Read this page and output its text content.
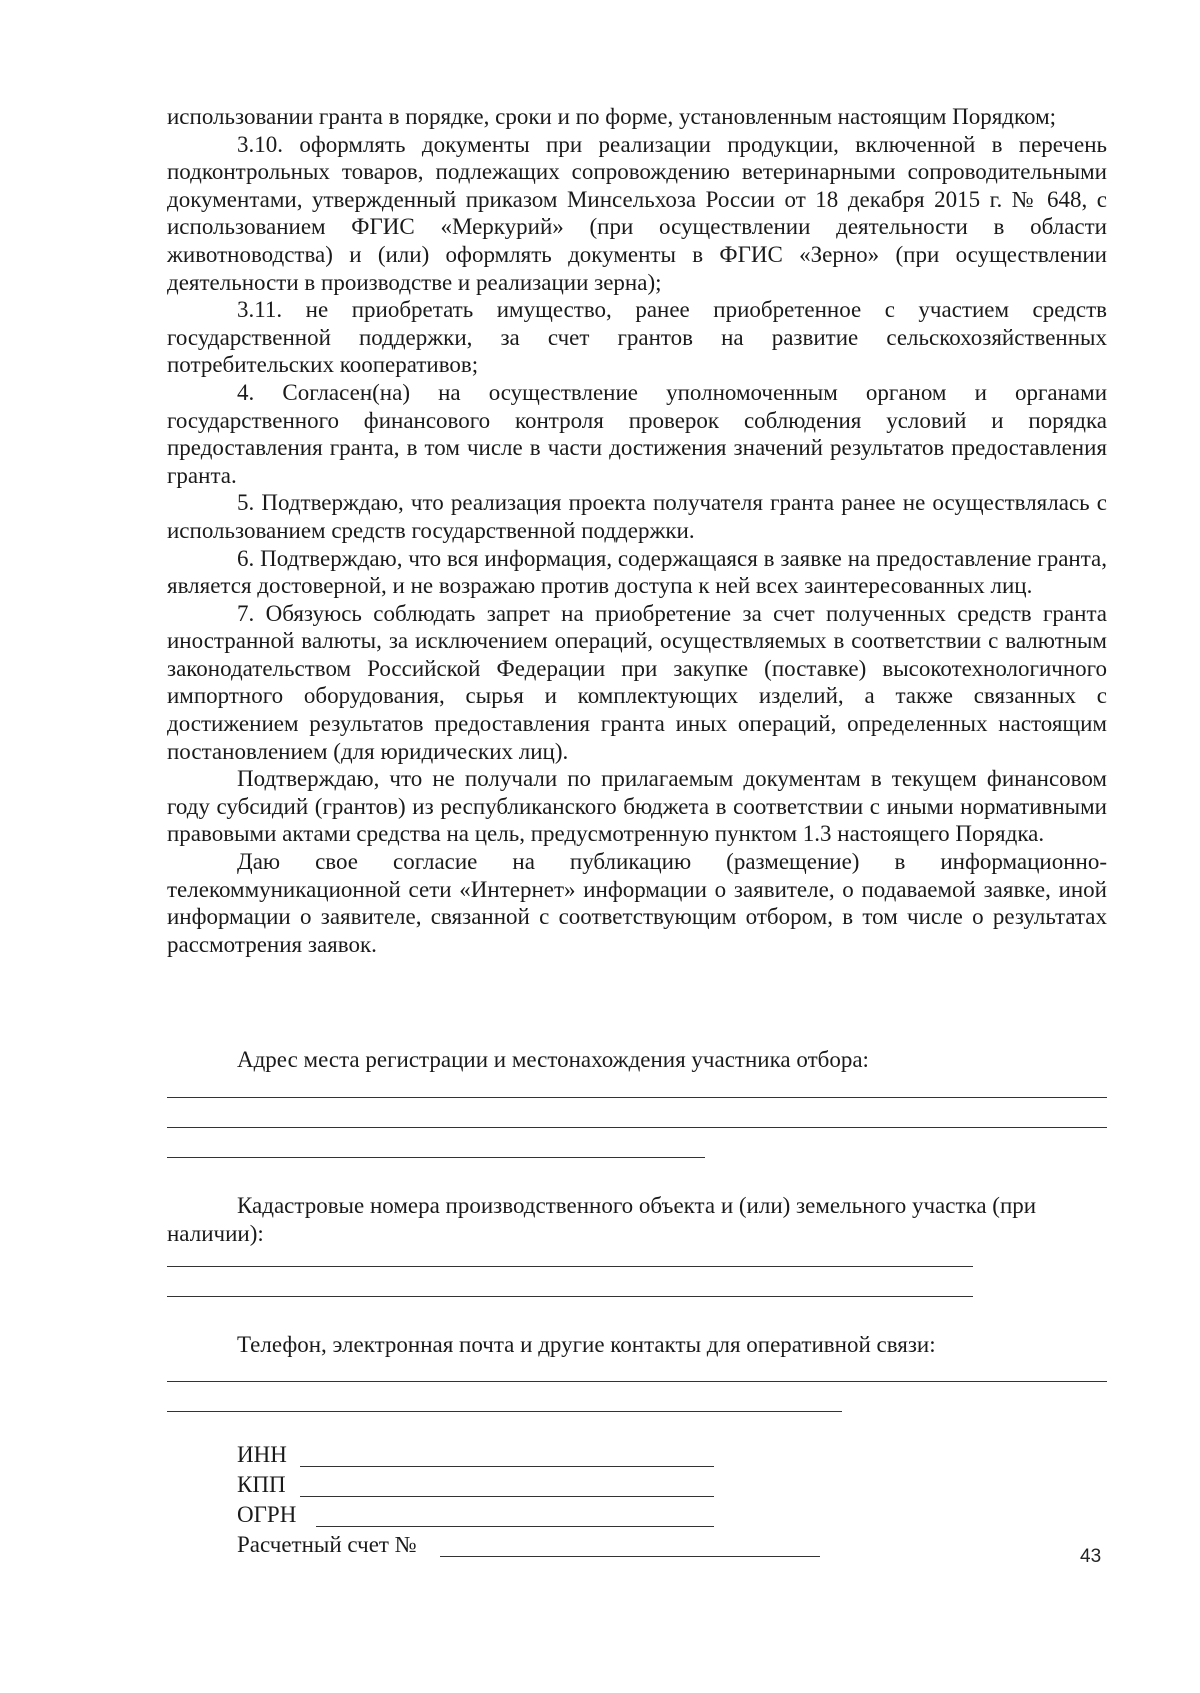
использовании гранта в порядке, сроки и по форме, установленным настоящим Порядком;

3.10. оформлять документы при реализации продукции, включенной в перечень подконтрольных товаров, подлежащих сопровождению ветеринарными сопроводительными документами, утвержденный приказом Минсельхоза России от 18 декабря 2015 г. № 648, с использованием ФГИС «Меркурий» (при осуществлении деятельности в области животноводства) и (или) оформлять документы в ФГИС «Зерно» (при осуществлении деятельности в производстве и реализации зерна);

3.11. не приобретать имущество, ранее приобретенное с участием средств государственной поддержки, за счет грантов на развитие сельскохозяйственных потребительских кооперативов;

4. Согласен(на) на осуществление уполномоченным органом и органами государственного финансового контроля проверок соблюдения условий и порядка предоставления гранта, в том числе в части достижения значений результатов предоставления гранта.

5. Подтверждаю, что реализация проекта получателя гранта ранее не осуществлялась с использованием средств государственной поддержки.

6. Подтверждаю, что вся информация, содержащаяся в заявке на предоставление гранта, является достоверной, и не возражаю против доступа к ней всех заинтересованных лиц.

7. Обязуюсь соблюдать запрет на приобретение за счет полученных средств гранта иностранной валюты, за исключением операций, осуществляемых в соответствии с валютным законодательством Российской Федерации при закупке (поставке) высокотехнологичного импортного оборудования, сырья и комплектующих изделий, а также связанных с достижением результатов предоставления гранта иных операций, определенных настоящим постановлением (для юридических лиц).

Подтверждаю, что не получали по прилагаемым документам в текущем финансовом году субсидий (грантов) из республиканского бюджета в соответствии с иными нормативными правовыми актами средства на цель, предусмотренную пунктом 1.3 настоящего Порядка.

Даю свое согласие на публикацию (размещение) в информационно-телекоммуникационной сети «Интернет» информации о заявителе, о подаваемой заявке, иной информации о заявителе, связанной с соответствующим отбором, в том числе о результатах рассмотрения заявок.

Адрес места регистрации и местонахождения участника отбора:
Кадастровые номера производственного объекта и (или) земельного участка (при наличии):
Телефон, электронная почта и другие контакты для оперативной связи:
ИНН
КПП
ОГРН
Расчетный счет №	43
